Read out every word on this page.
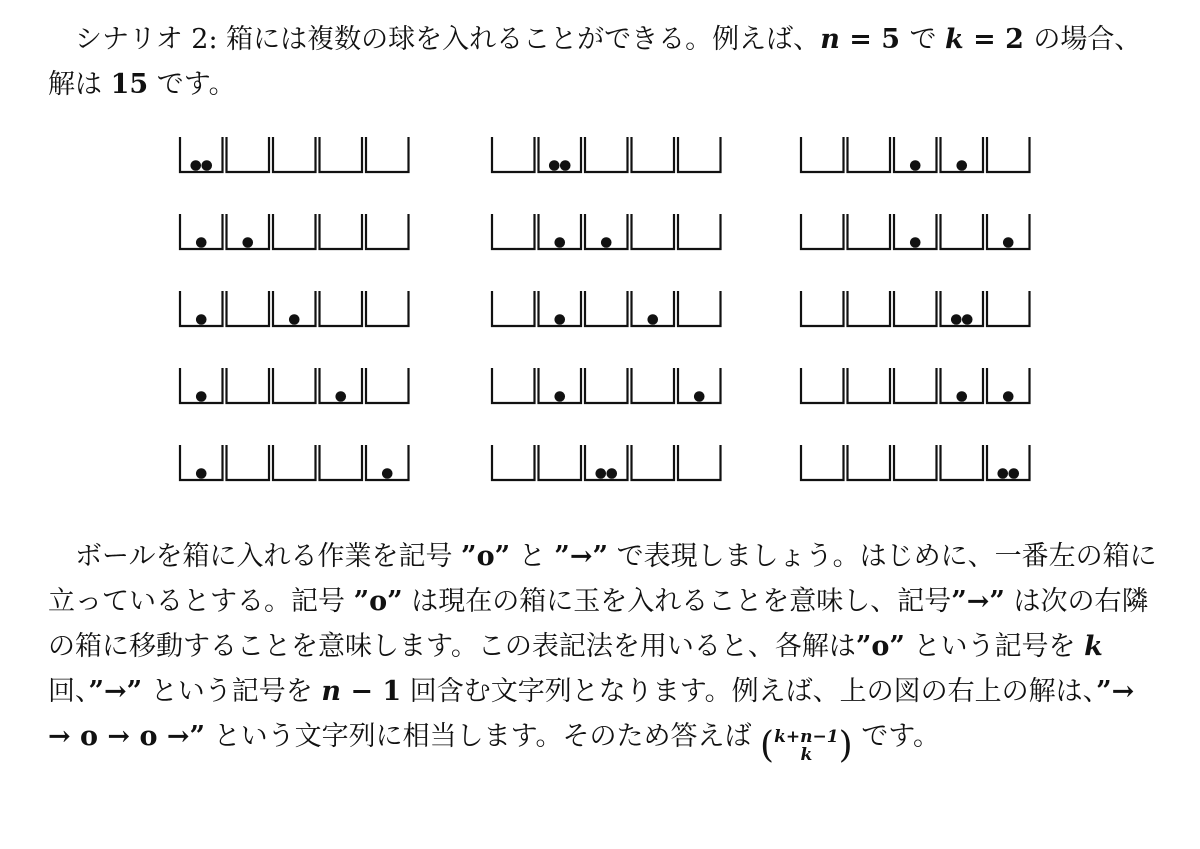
シナリオ 2: 箱には複数の球を入れることができる。例えば、n = 5 で k = 2 の場合、解は 15 です。

ボールを箱に入れる作業を記号 ”o” と ”→” で表現しましょう。はじめに、一番左の箱に立っているとする。記号 ”o” は現在の箱に玉を入れることを意味し、記号”→” は次の右隣の箱に移動することを意味します。この表記法を用いると、各解は”o” という記号を k 回、”→” という記号を n − 1 回含む文字列となります。例えば、上の図の右上の解は、”→ → o → o →” という文字列に相当します。そのため答えば ( k+n−1
k ) です。
